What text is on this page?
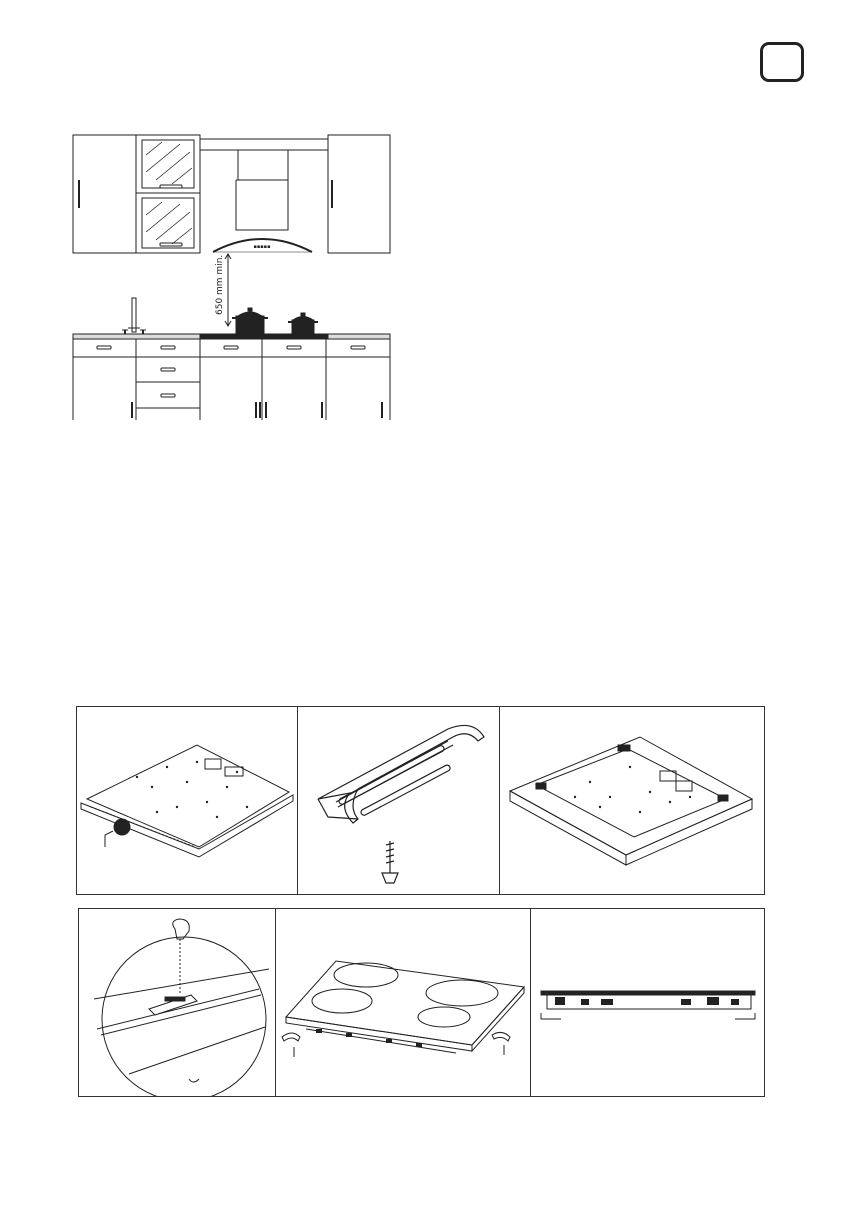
▪▪▪▪▪
650 mm min.
